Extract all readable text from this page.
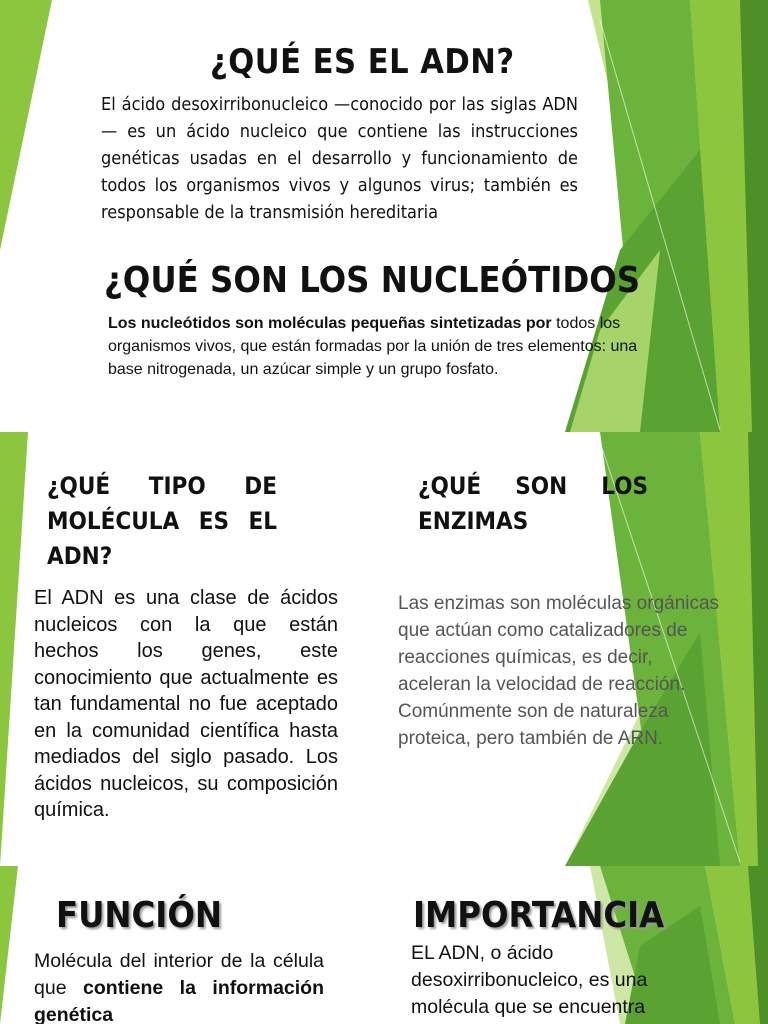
¿QUÉ ES EL ADN?

El ácido desoxirribonucleico —conocido por las siglas ADN— es un ácido nucleico que contiene las instrucciones genéticas usadas en el desarrollo y funcionamiento de todos los organismos vivos y algunos virus; también es responsable de la transmisión hereditaria

¿QUÉ SON LOS NUCLEÓTIDOS

Los nucleótidos son moléculas pequeñas sintetizadas por todos los organismos vivos, que están formadas por la unión de tres elementos: una base nitrogenada, un azúcar simple y un grupo fosfato.

¿QUÉ TIPO DE MOLÉCULA ES EL ADN?

El ADN es una clase de ácidos nucleicos con la que están hechos los genes, este conocimiento que actualmente es tan fundamental no fue aceptado en la comunidad científica hasta mediados del siglo pasado. Los ácidos nucleicos, su composición química.

¿QUÉ SON LOS ENZIMAS

Las enzimas son moléculas orgánicas que actúan como catalizadores de reacciones químicas, es decir, aceleran la velocidad de reacción. Comúnmente son de naturaleza proteica, pero también de ARN.

FUNCIÓN

Molécula del interior de la célula que contiene la información genética

IMPORTANCIA

EL ADN, o ácido desoxirribonucleico, es una molécula que se encuentra
